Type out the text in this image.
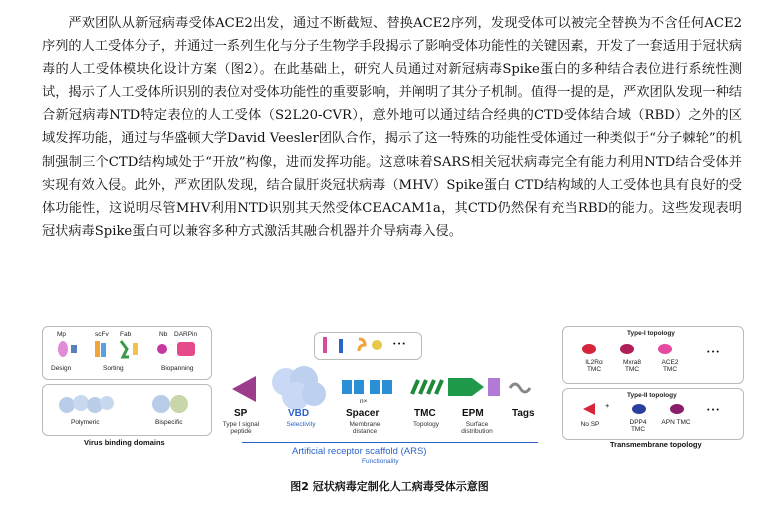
严欢团队从新冠病毒受体ACE2出发，通过不断截短、替换ACE2序列，发现受体可以被完全替换为不含任何ACE2序列的人工受体分子，并通过一系列生化与分子生物学手段揭示了影响受体功能性的关键因素，开发了一套适用于冠状病毒的人工受体模块化设计方案（图2）。在此基础上，研究人员通过对新冠病毒Spike蛋白的多种结合表位进行系统性测试，揭示了人工受体所识别的表位对受体功能性的重要影响，并阐明了其分子机制。值得一提的是，严欢团队发现一种结合新冠病毒NTD特定表位的人工受体（S2L20-CVR），意外地可以通过结合经典的CTD受体结合域（RBD）之外的区域发挥功能，通过与华盛顿大学David Veesler团队合作，揭示了这一特殊的功能性受体通过一种类似于“分子棘轮”的机制强制三个CTD结构域处于“开放”构像，进而发挥功能。这意味着SARS相关冠状病毒完全有能力利用NTD结合受体并实现有效入侵。此外，严欢团队发现，结合鼠肝炎冠状病毒（MHV）Spike蛋白 CTD结构域的人工受体也具有良好的受体功能性，这说明尽管MHV利用NTD识别其天然受体CEACAM1a，其CTD仍然保有充当RBD的能力。这些发现表明冠状病毒Spike蛋白可以兼容多种方式激活其融合机器并介导病毒入侵。

Mp	scFv Fab	Nb DARPin
Design	Sorting	Biopanning
Polymeric	Bispecific
Virus binding domains
• • •
n×
SP
Type I signal peptide
VBD
Selectivity
Spacer
Membrane distance
TMC
Topology
EPM
Surface distribution
Tags
Artificial receptor scaffold (ARS)
Functionality
Type-I topology
IL2Rα TMC
Mxra8 TMC
ACE2 TMC
• • •
Type-II topology
+
No SP	DPP4 TMC
APN TMC
• • •
Transmembrane topology
图2 冠状病毒定制化人工病毒受体示意图
